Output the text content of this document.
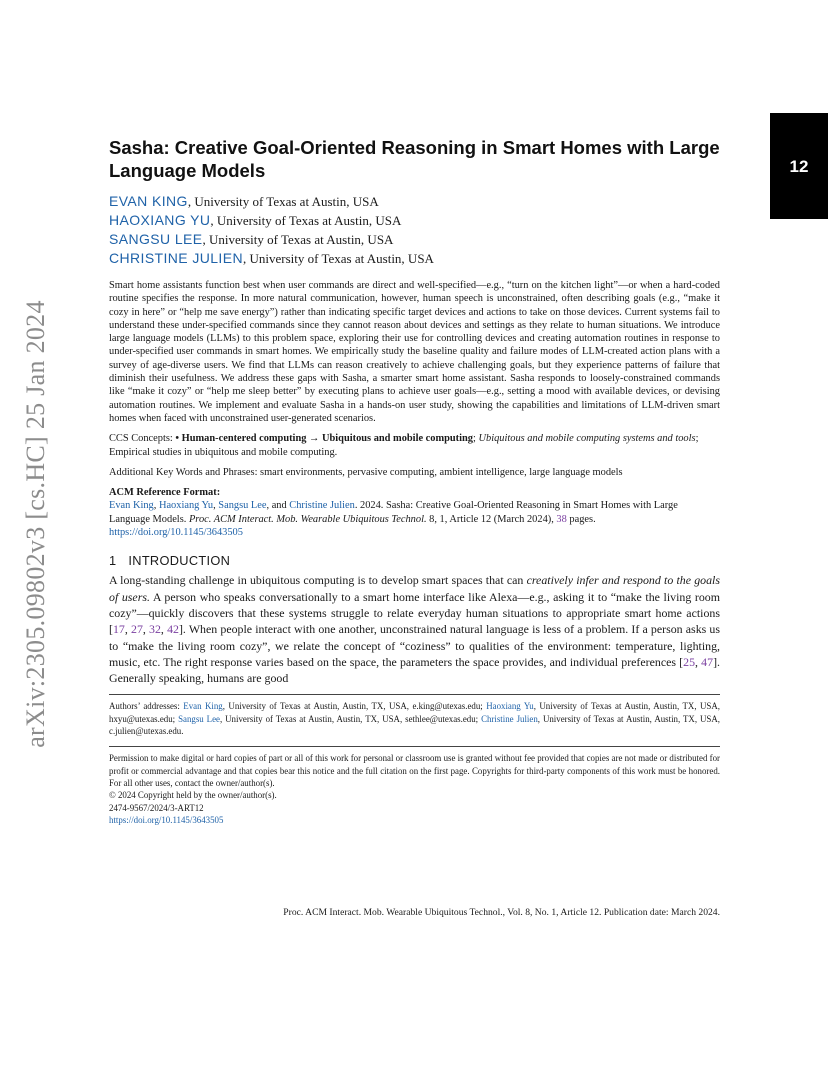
12
arXiv:2305.09802v3 [cs.HC] 25 Jan 2024
Sasha: Creative Goal-Oriented Reasoning in Smart Homes with Large Language Models
EVAN KING, University of Texas at Austin, USA
HAOXIANG YU, University of Texas at Austin, USA
SANGSU LEE, University of Texas at Austin, USA
CHRISTINE JULIEN, University of Texas at Austin, USA

Smart home assistants function best when user commands are direct and well-specified—e.g., “turn on the kitchen light”—or when a hard-coded routine specifies the response. In more natural communication, however, human speech is unconstrained, often describing goals (e.g., “make it cozy in here” or “help me save energy”) rather than indicating specific target devices and actions to take on those devices. Current systems fail to understand these under-specified commands since they cannot reason about devices and settings as they relate to human situations. We introduce large language models (LLMs) to this problem space, exploring their use for controlling devices and creating automation routines in response to under-specified user commands in smart homes. We empirically study the baseline quality and failure modes of LLM-created action plans with a survey of age-diverse users. We find that LLMs can reason creatively to achieve challenging goals, but they experience patterns of failure that diminish their usefulness. We address these gaps with Sasha, a smarter smart home assistant. Sasha responds to loosely-constrained commands like “make it cozy” or “help me sleep better” by executing plans to achieve user goals—e.g., setting a mood with available devices, or devising automation routines. We implement and evaluate Sasha in a hands-on user study, showing the capabilities and limitations of LLM-driven smart homes when faced with unconstrained user-generated scenarios.

CCS Concepts: • Human-centered computing → Ubiquitous and mobile computing; Ubiquitous and mobile computing systems and tools; Empirical studies in ubiquitous and mobile computing.
Additional Key Words and Phrases: smart environments, pervasive computing, ambient intelligence, large language models
ACM Reference Format:
Evan King, Haoxiang Yu, Sangsu Lee, and Christine Julien. 2024. Sasha: Creative Goal-Oriented Reasoning in Smart Homes with Large Language Models. Proc. ACM Interact. Mob. Wearable Ubiquitous Technol. 8, 1, Article 12 (March 2024), 38 pages.
https://doi.org/10.1145/3643505
1 INTRODUCTION
A long-standing challenge in ubiquitous computing is to develop smart spaces that can creatively infer and respond to the goals of users. A person who speaks conversationally to a smart home interface like Alexa—e.g., asking it to “make the living room cozy”—quickly discovers that these systems struggle to relate everyday human situations to appropriate smart home actions [17, 27, 32, 42]. When people interact with one another, unconstrained natural language is less of a problem. If a person asks us to “make the living room cozy”, we relate the concept of “coziness” to qualities of the environment: temperature, lighting, music, etc. The right response varies based on the space, the parameters the space provides, and individual preferences [25, 47]. Generally speaking, humans are good
Authors’ addresses: Evan King, University of Texas at Austin, Austin, TX, USA, e.king@utexas.edu; Haoxiang Yu, University of Texas at Austin, Austin, TX, USA, hxyu@utexas.edu; Sangsu Lee, University of Texas at Austin, Austin, TX, USA, sethlee@utexas.edu; Christine Julien, University of Texas at Austin, Austin, TX, USA, c.julien@utexas.edu.
Permission to make digital or hard copies of part or all of this work for personal or classroom use is granted without fee provided that copies are not made or distributed for profit or commercial advantage and that copies bear this notice and the full citation on the first page. Copyrights for third-party components of this work must be honored. For all other uses, contact the owner/author(s).
© 2024 Copyright held by the owner/author(s).
2474-9567/2024/3-ART12
https://doi.org/10.1145/3643505
Proc. ACM Interact. Mob. Wearable Ubiquitous Technol., Vol. 8, No. 1, Article 12. Publication date: March 2024.
